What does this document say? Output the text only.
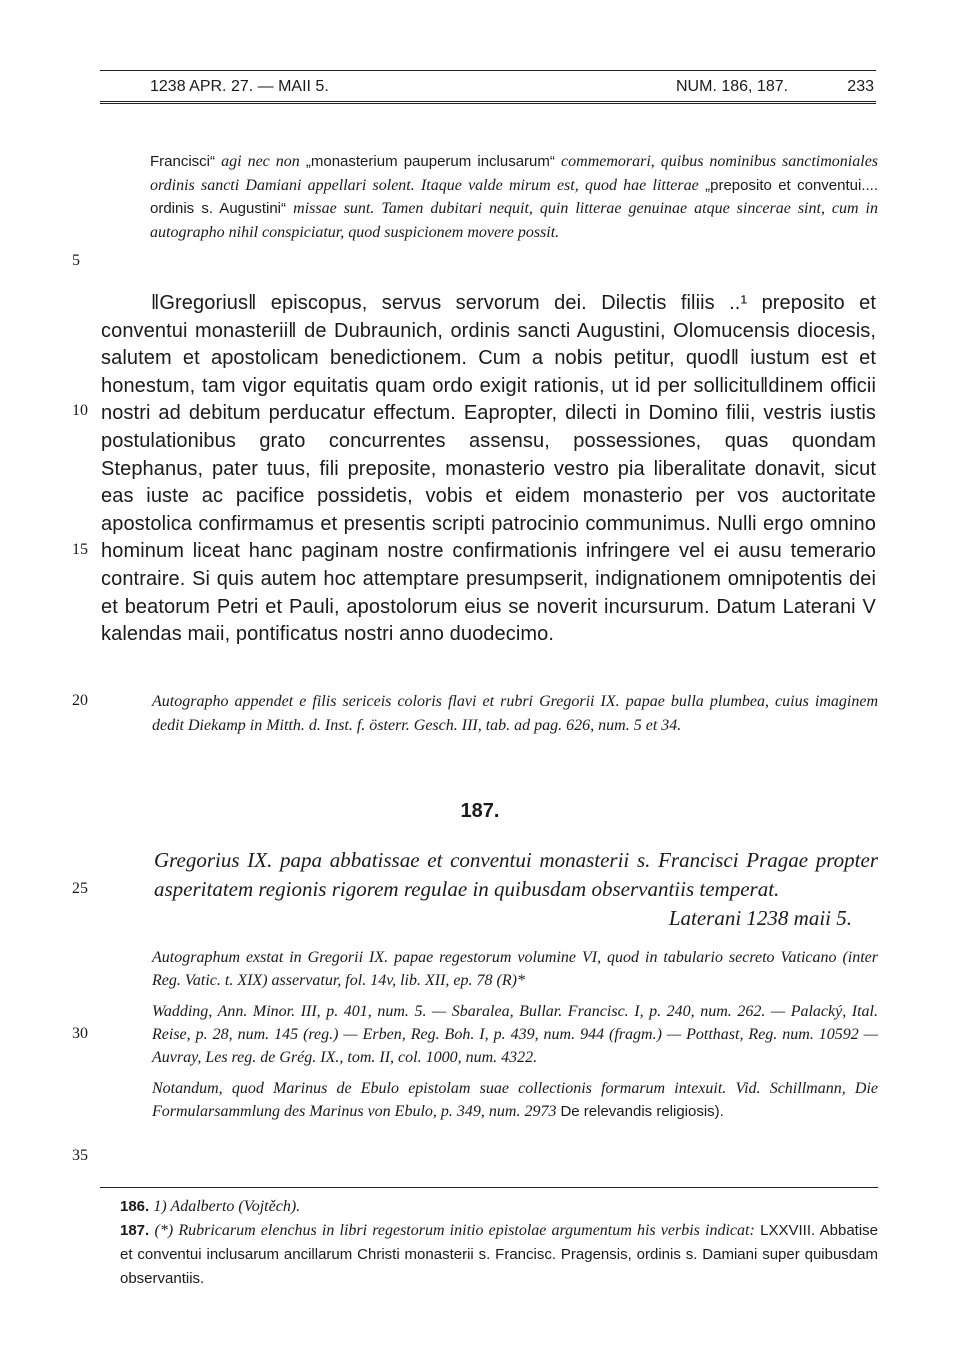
1238 APR. 27. — MAII 5.	NUM. 186, 187.	233
5
10
15
20
25
30
35
Francisci“ agi nec non „monasterium pauperum inclusarum“ commemorari, quibus nominibus sanctimoniales ordinis sancti Damiani appellari solent. Itaque valde mirum est, quod hae litterae „preposito et conventui.... ordinis s. Augustini“ missae sunt. Tamen dubitari nequit, quin litterae genuinae atque sincerae sint, cum in autographo nihil conspiciatur, quod suspicionem movere possit.

‖Gregorius‖ episcopus, servus servorum dei. Dilectis filiis ..¹ preposito et conventui monasterii‖ de Dubraunich, ordinis sancti Augustini, Olomucensis diocesis, salutem et apostolicam benedictionem. Cum a nobis petitur, quod‖ iustum est et honestum, tam vigor equitatis quam ordo exigit rationis, ut id per sollicitu‖dinem officii nostri ad debitum perducatur effectum. Eapropter, dilecti in Domino filii, vestris iustis postulationibus grato concurrentes assensu, possessiones, quas quondam Stephanus, pater tuus, fili preposite, monasterio vestro pia liberalitate donavit, sicut eas iuste ac pacifice possidetis, vobis et eidem monasterio per vos auctoritate apostolica confirmamus et presentis scripti patrocinio communimus. Nulli ergo omnino hominum liceat hanc paginam nostre confirmationis infringere vel ei ausu temerario contraire. Si quis autem hoc attemptare presumpserit, indignationem omnipotentis dei et beatorum Petri et Pauli, apostolorum eius se noverit incursurum. Datum Laterani V kalendas maii, pontificatus nostri anno duodecimo.

Autographo appendet e filis sericeis coloris flavi et rubri Gregorii IX. papae bulla plumbea, cuius imaginem dedit Diekamp in Mitth. d. Inst. f. österr. Gesch. III, tab. ad pag. 626, num. 5 et 34.
187.
Gregorius IX. papa abbatissae et conventui monasterii s. Francisci Pragae propter asperitatem regionis rigorem regulae in quibusdam observantiis temperat.
Laterani 1238 maii 5.

Autographum exstat in Gregorii IX. papae regestorum volumine VI, quod in tabulario secreto Vaticano (inter Reg. Vatic. t. XIX) asservatur, fol. 14v, lib. XII, ep. 78 (R)*

Wadding, Ann. Minor. III, p. 401, num. 5. — Sbaralea, Bullar. Francisc. I, p. 240, num. 262. — Palacký, Ital. Reise, p. 28, num. 145 (reg.) — Erben, Reg. Boh. I, p. 439, num. 944 (fragm.) — Potthast, Reg. num. 10592 — Auvray, Les reg. de Grég. IX., tom. II, col. 1000, num. 4322.

Notandum, quod Marinus de Ebulo epistolam suae collectionis formarum intexuit. Vid. Schillmann, Die Formularsammlung des Marinus von Ebulo, p. 349, num. 2973 De relevandis religiosis).

186. 1) Adalberto (Vojtěch).

187. (*) Rubricarum elenchus in libri regestorum initio epistolae argumentum his verbis indicat: LXXVIII. Abbatise et conventui inclusarum ancillarum Christi monasterii s. Francisc. Pragensis, ordinis s. Damiani super quibusdam observantiis.
